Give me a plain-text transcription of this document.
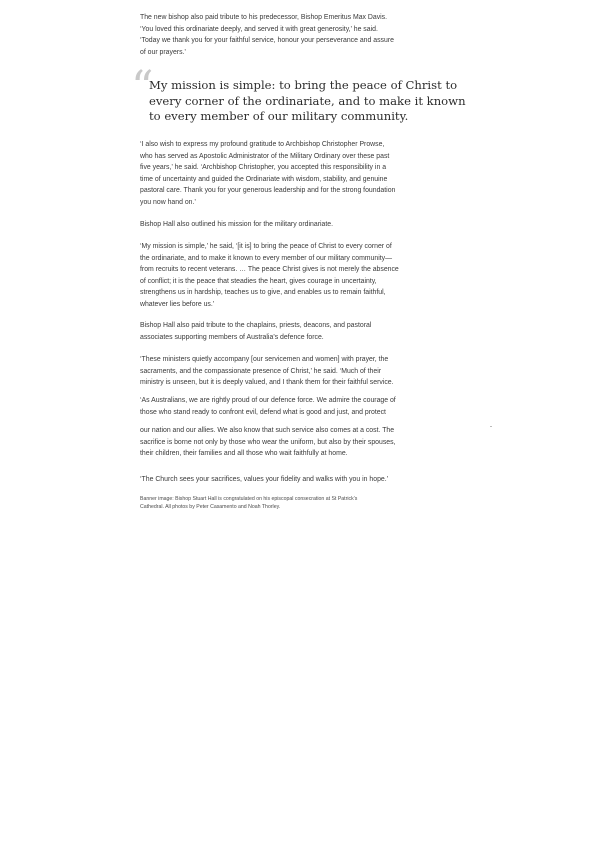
The new bishop also paid tribute to his predecessor, Bishop Emeritus Max Davis.
‘You loved this ordinariate deeply, and served it with great generosity,’ he said.
‘Today we thank you for your faithful service, honour your perseverance and assure
of our prayers.’

“

My mission is simple: to bring the peace of Christ to
every corner of the ordinariate, and to make it known
to every member of our military community.

‘I also wish to express my profound gratitude to Archbishop Christopher Prowse,
who has served as Apostolic Administrator of the Military Ordinary over these past
five years,’ he said. ‘Archbishop Christopher, you accepted this responsibility in a
time of uncertainty and guided the Ordinariate with wisdom, stability, and genuine
pastoral care. Thank you for your generous leadership and for the strong foundation
you now hand on.’

Bishop Hall also outlined his mission for the military ordinariate.

‘My mission is simple,’ he said, ‘[it is] to bring the peace of Christ to every corner of
the ordinariate, and to make it known to every member of our military community—
from recruits to recent veterans. … The peace Christ gives is not merely the absence
of conflict; it is the peace that steadies the heart, gives courage in uncertainty,
strengthens us in hardship, teaches us to give, and enables us to remain faithful,
whatever lies before us.’

Bishop Hall also paid tribute to the chaplains, priests, deacons, and pastoral
associates supporting members of Australia’s defence force.

‘These ministers quietly accompany [our servicemen and women] with prayer, the
sacraments, and the compassionate presence of Christ,’ he said. ‘Much of their
ministry is unseen, but it is deeply valued, and I thank them for their faithful service.

‘As Australians, we are rightly proud of our defence force. We admire the courage of
those who stand ready to confront evil, defend what is good and just, and protect

our nation and our allies. We also know that such service also comes at a cost. The
sacrifice is borne not only by those who wear the uniform, but also by their spouses,
their children, their families and all those who wait faithfully at home.

‘The Church sees your sacrifices, values your fidelity and walks with you in hope.’

Banner image: Bishop Stuart Hall is congratulated on his episcopal consecration at St Patrick’s
Cathedral. All photos by Peter Casamento and Noah Thorley.
